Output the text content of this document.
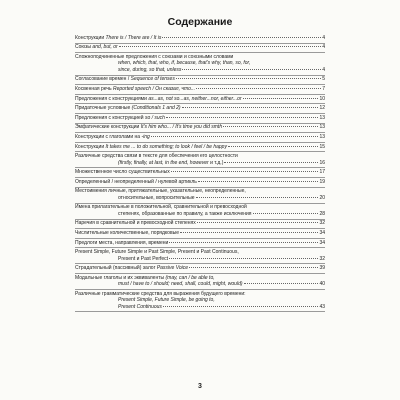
Содержание
Конструкции There is / There are / It is	4
Союзы and, but, or	4
Сложноподчиненные предложения с союзами и союзными словами
when, which, that, who, if, because, that's why, than, so, for,
since, during, so that, unless	4
Согласование времен / Sequence of tenses	5
Косвенная речь Reported speech / Он сказал, что...	7
Предложения с конструкциями as...as, not so...as, neither...nor, either...or	10
Придаточные условные (Conditionals 1 and 2)	12
Предложения с конструкцией so / such	13
Эмфатические конструкции It's him who... / It's time you did smth	13
Конструкции с глаголами на -ing	13
Конструкции It takes me ... to do something; to look / feel / be happy	15
Различные средства связи в тексте для обеспечения его целостности
(firstly, finally, at last, in the end, however и т.д.)	16
Множественное число существительных	17
Определенный / неопределенный / нулевой артикль	19
Местоимения личные, притяжательные, указательные, неопределенные,
относительные, вопросительные	20
Имена прилагательные в положительной, сравнительной и превосходной
степенях, образованные по правилу, а также исключения	28
Наречия в сравнительной и превосходной степенях	32
Числительные количественные, порядковые	34
Предлоги места, направления, времени	34
Present Simple, Future Simple и Past Simple, Present и Past Continuous,
Present и Past Perfect	32
Страдательный (пассивный) залог Passive Voice	39
Модальные глаголы и их эквиваленты (may, can / be able to,
must / have to / should; need, shall, could, might, would)	40
Различные грамматические средства для выражения будущего времени:
Present Simple, Future Simple, be going to,
Present Continuous	43
3
